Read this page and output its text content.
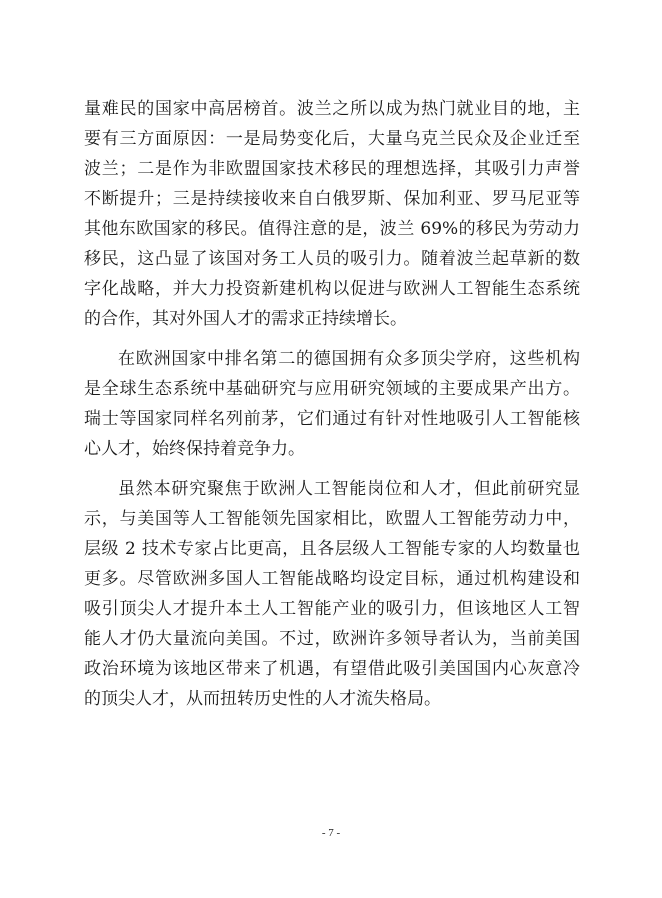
量难民的国家中高居榜首。波兰之所以成为热门就业目的地，主
要有三方面原因：一是局势变化后，大量乌克兰民众及企业迁至
波兰；二是作为非欧盟国家技术移民的理想选择，其吸引力声誉
不断提升；三是持续接收来自白俄罗斯、保加利亚、罗马尼亚等
其他东欧国家的移民。值得注意的是，波兰 69%的移民为劳动力
移民，这凸显了该国对务工人员的吸引力。随着波兰起草新的数
字化战略，并大力投资新建机构以促进与欧洲人工智能生态系统
的合作，其对外国人才的需求正持续增长。
在欧洲国家中排名第二的德国拥有众多顶尖学府，这些机构
是全球生态系统中基础研究与应用研究领域的主要成果产出方。
瑞士等国家同样名列前茅，它们通过有针对性地吸引人工智能核
心人才，始终保持着竞争力。
虽然本研究聚焦于欧洲人工智能岗位和人才，但此前研究显
示，与美国等人工智能领先国家相比，欧盟人工智能劳动力中，
层级 2 技术专家占比更高，且各层级人工智能专家的人均数量也
更多。尽管欧洲多国人工智能战略均设定目标，通过机构建设和
吸引顶尖人才提升本土人工智能产业的吸引力，但该地区人工智
能人才仍大量流向美国。不过，欧洲许多领导者认为，当前美国
政治环境为该地区带来了机遇，有望借此吸引美国国内心灰意冷
的顶尖人才，从而扭转历史性的人才流失格局。
- 7 -
